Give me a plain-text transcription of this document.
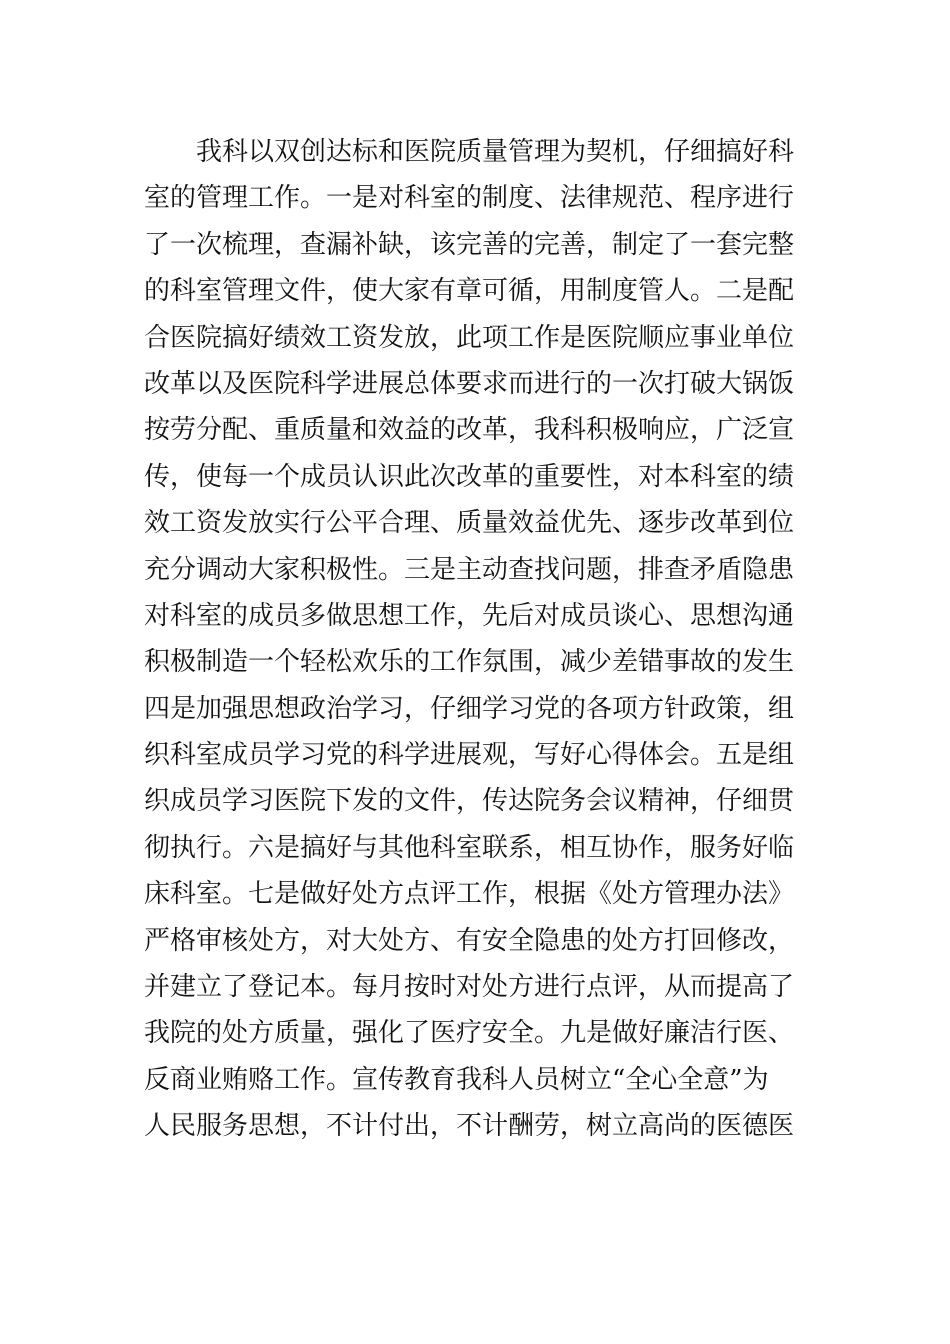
我科以双创达标和医院质量管理为契机，仔细搞好科
室的管理工作。一是对科室的制度、法律规范、程序进行
了一次梳理，查漏补缺，该完善的完善，制定了一套完整
的科室管理文件，使大家有章可循，用制度管人。二是配
合医院搞好绩效工资发放，此项工作是医院顺应事业单位
改革以及医院科学进展总体要求而进行的一次打破大锅饭
按劳分配、重质量和效益的改革，我科积极响应，广泛宣
传，使每一个成员认识此次改革的重要性，对本科室的绩
效工资发放实行公平合理、质量效益优先、逐步改革到位
充分调动大家积极性。三是主动查找问题，排查矛盾隐患
对科室的成员多做思想工作，先后对成员谈心、思想沟通
积极制造一个轻松欢乐的工作氛围，减少差错事故的发生
四是加强思想政治学习，仔细学习党的各项方针政策，组
织科室成员学习党的科学进展观，写好心得体会。五是组
织成员学习医院下发的文件，传达院务会议精神，仔细贯
彻执行。六是搞好与其他科室联系，相互协作，服务好临
床科室。七是做好处方点评工作，根据《处方管理办法》
严格审核处方，对大处方、有安全隐患的处方打回修改，
并建立了登记本。每月按时对处方进行点评，从而提高了
我院的处方质量，强化了医疗安全。九是做好廉洁行医、
反商业贿赂工作。宣传教育我科人员树立“全心全意”为
人民服务思想，不计付出，不计酬劳，树立高尚的医德医
